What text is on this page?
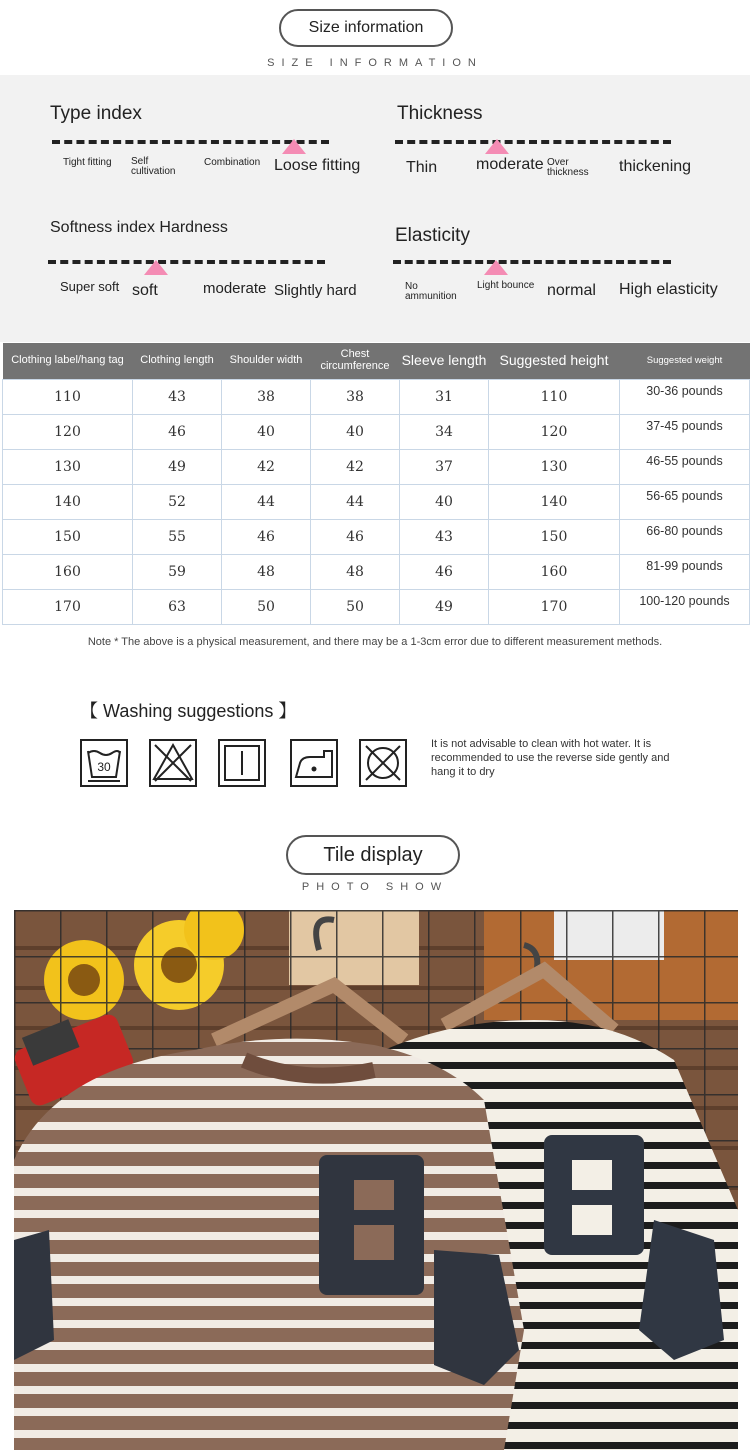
Size information
SIZE INFORMATION
Type index
Tight fitting Self cultivation
Combination Loose fitting
Thickness
Thin moderate Over thickness	thickening
Softness index Hardness
Super soft soft	moderate Slightly hard
Elasticity
No ammunition
Light bounce normal High elasticity
Clothing label/hang tag	Clothing length	Shoulder width	Chest circumference	Sleeve length	Suggested height	Suggested weight
110	43	38	38	31	110	30-36 pounds
120	46	40	40	34	120	37-45 pounds
130	49	42	42	37	130	46-55 pounds
140	52	44	44	40	140	56-65 pounds
150	55	46	46	43	150	66-80 pounds
160	59	48	48	46	160	81-99 pounds
170	63	50	50	49	170	100-120 pounds
Note * The above is a physical measurement, and there may be a 1-3cm error due to different measurement methods.
【 Washing suggestions 】
30
It is not advisable to clean with hot water. It is recommended to use the reverse side gently and hang it to dry
Tile display
PHOTO SHOW
